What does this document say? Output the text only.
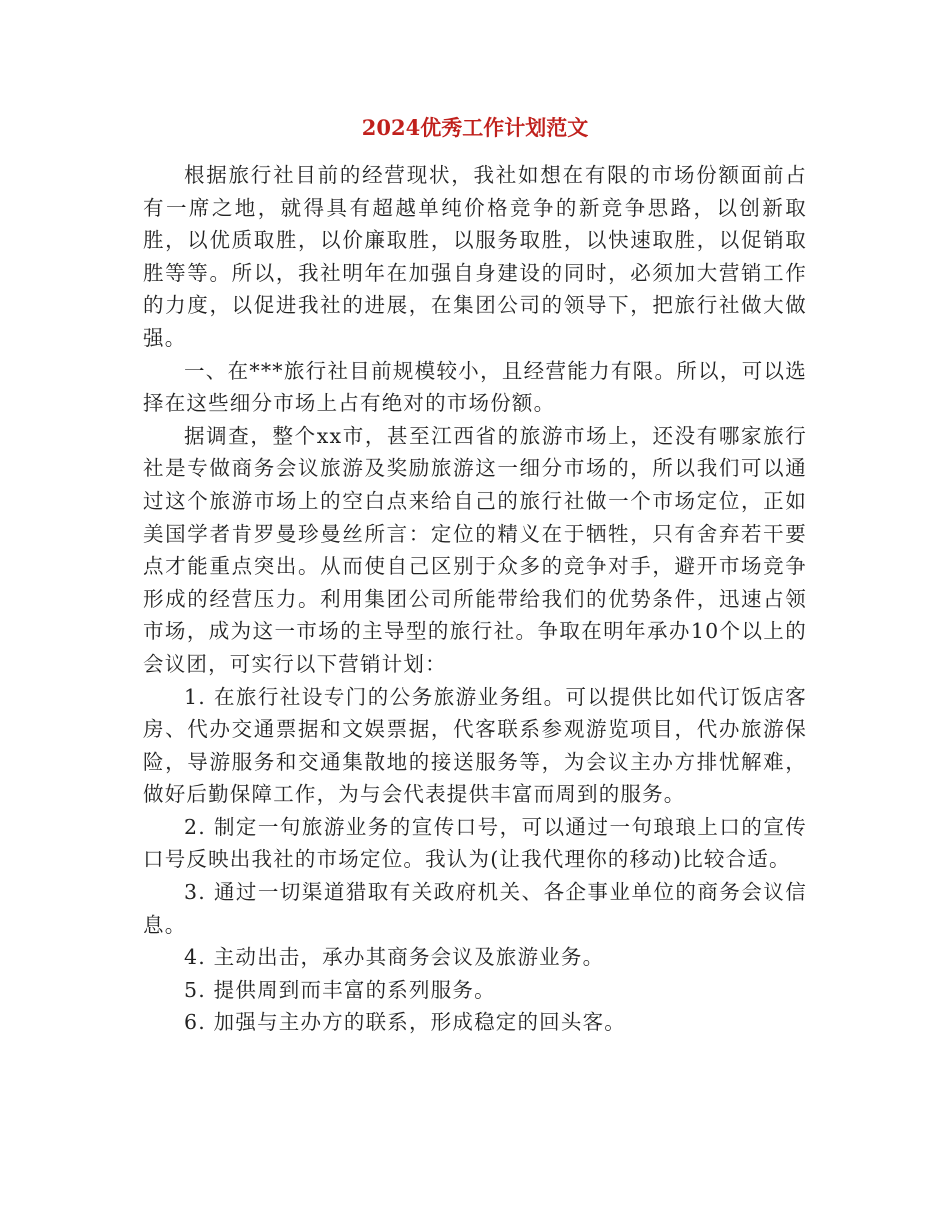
2024优秀工作计划范文

根据旅行社目前的经营现状，我社如想在有限的市场份额面前占有一席之地，就得具有超越单纯价格竞争的新竞争思路，以创新取胜，以优质取胜，以价廉取胜，以服务取胜，以快速取胜，以促销取胜等等。所以，我社明年在加强自身建设的同时，必须加大营销工作的力度，以促进我社的进展，在集团公司的领导下，把旅行社做大做强。

一、在***旅行社目前规模较小，且经营能力有限。所以，可以选择在这些细分市场上占有绝对的市场份额。

据调查，整个xx市，甚至江西省的旅游市场上，还没有哪家旅行社是专做商务会议旅游及奖励旅游这一细分市场的，所以我们可以通过这个旅游市场上的空白点来给自己的旅行社做一个市场定位，正如美国学者肯罗曼珍曼丝所言：定位的精义在于牺牲，只有舍弃若干要点才能重点突出。从而使自己区别于众多的竞争对手，避开市场竞争形成的经营压力。利用集团公司所能带给我们的优势条件，迅速占领市场，成为这一市场的主导型的旅行社。争取在明年承办10个以上的会议团，可实行以下营销计划：

1. 在旅行社设专门的公务旅游业务组。可以提供比如代订饭店客房、代办交通票据和文娱票据，代客联系参观游览项目，代办旅游保险，导游服务和交通集散地的接送服务等，为会议主办方排忧解难，做好后勤保障工作，为与会代表提供丰富而周到的服务。

2. 制定一句旅游业务的宣传口号，可以通过一句琅琅上口的宣传口号反映出我社的市场定位。我认为(让我代理你的移动)比较合适。

3. 通过一切渠道猎取有关政府机关、各企事业单位的商务会议信息。

4. 主动出击，承办其商务会议及旅游业务。

5. 提供周到而丰富的系列服务。

6. 加强与主办方的联系，形成稳定的回头客。
